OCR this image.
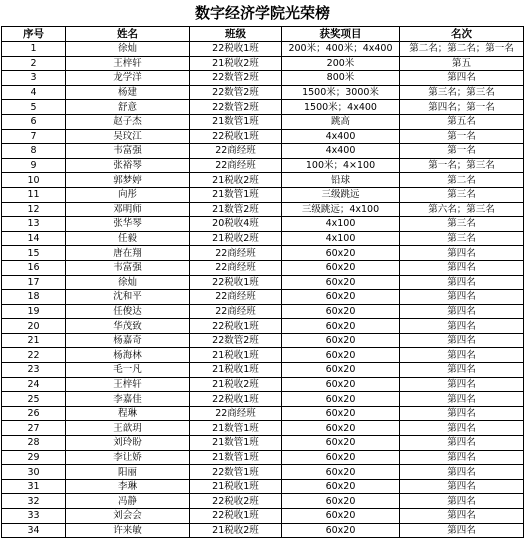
数字经济学院光荣榜
序号	姓名	班级	获奖项目	名次
1	徐灿	22税收1班	200米；400米；4x400	第二名；第二名；第一名
2	王梓轩	21税收2班	200米	第五
3	龙学洋	22数管2班	800米	第四名
4	杨建	22数管2班	1500米；3000米	第三名；第三名
5	舒意	22数管2班	1500米；4x400	第四名；第一名
6	赵子杰	21数管1班	跳高	第五名
7	吴玟江	22税收1班	4x400	第一名
8	韦富强	22商经班	4x400	第一名
9	张裕琴	22商经班	100米；4×100	第一名；第三名
10	郭梦婷	21税收2班	铅球	第二名
11	向彤	21数管1班	三级跳远	第三名
12	邓明师	21数管2班	三级跳远；4x100	第六名；第三名
13	张华琴	20税收4班	4x100	第三名
14	任毅	21税收2班	4x100	第三名
15	唐在翔	22商经班	60x20	第四名
16	韦富强	22商经班	60x20	第四名
17	徐灿	22税收1班	60x20	第四名
18	沈和平	22商经班	60x20	第四名
19	任俊达	22商经班	60x20	第四名
20	华茂致	22税收1班	60x20	第四名
21	杨嘉奇	22数管2班	60x20	第四名
22	杨海林	21税收1班	60x20	第四名
23	毛一凡	21税收1班	60x20	第四名
24	王梓轩	21税收2班	60x20	第四名
25	李嘉佳	22税收1班	60x20	第四名
26	程琳	22商经班	60x20	第四名
27	王歆玥	21数管1班	60x20	第四名
28	刘玲盼	21数管1班	60x20	第四名
29	李让娇	21数管1班	60x20	第四名
30	阳丽	22数管1班	60x20	第四名
31	李琳	21税收1班	60x20	第四名
32	冯静	22税收2班	60x20	第四名
33	刘会会	22税收1班	60x20	第四名
34	许来敏	21税收2班	60x20	第四名
